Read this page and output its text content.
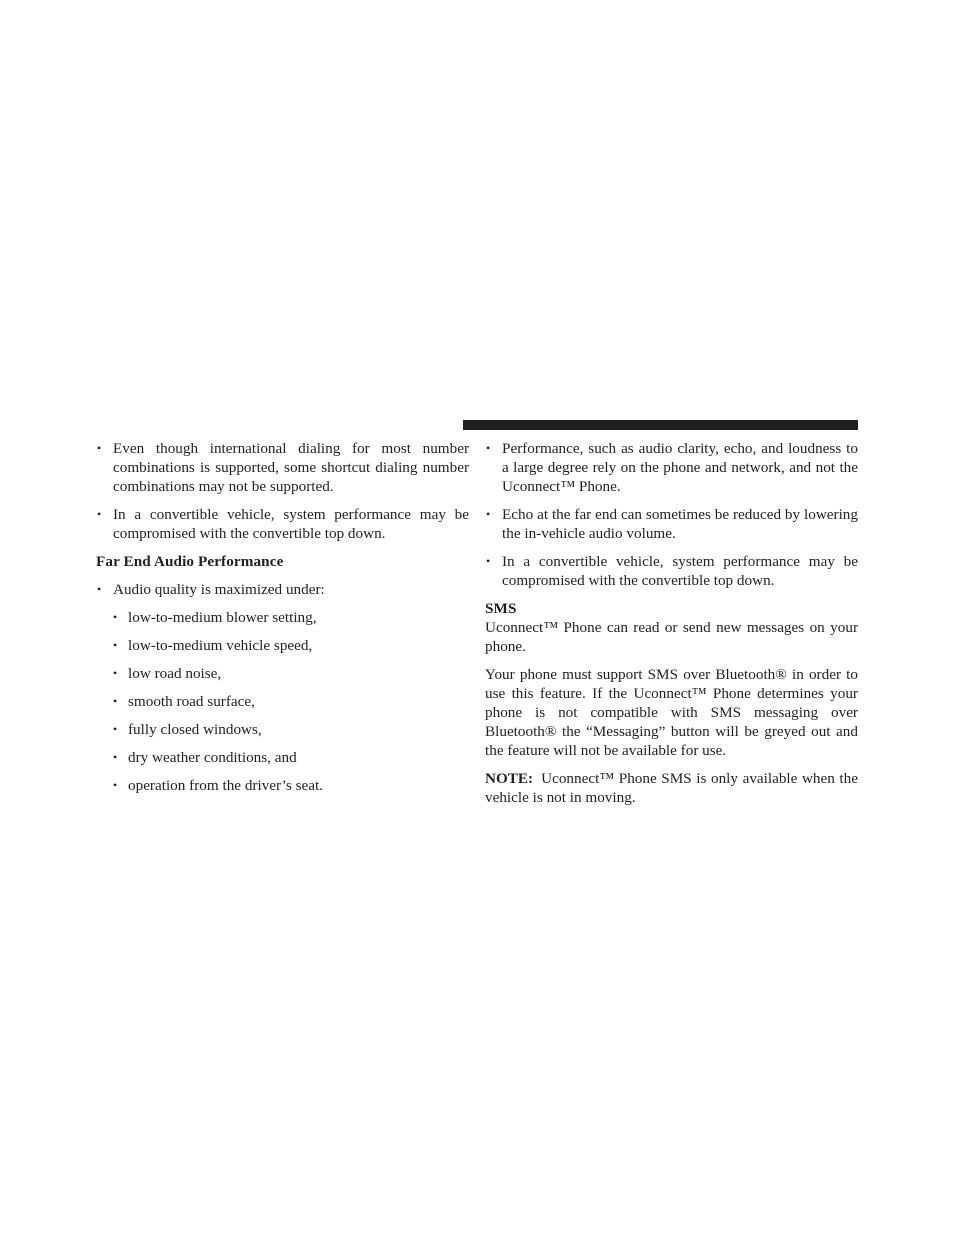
• Even though international dialing for most number combinations is supported, some shortcut dialing number combinations may not be supported.
• In a convertible vehicle, system performance may be compromised with the convertible top down.
Far End Audio Performance
• Audio quality is maximized under:
• low-to-medium blower setting,
• low-to-medium vehicle speed,
• low road noise,
• smooth road surface,
• fully closed windows,
• dry weather conditions, and
• operation from the driver’s seat.
• Performance, such as audio clarity, echo, and loudness to a large degree rely on the phone and network, and not the Uconnect™ Phone.
• Echo at the far end can sometimes be reduced by lowering the in-vehicle audio volume.
• In a convertible vehicle, system performance may be compromised with the convertible top down.
SMS

Uconnect™ Phone can read or send new messages on your phone.

Your phone must support SMS over Bluetooth® in order to use this feature. If the Uconnect™ Phone determines your phone is not compatible with SMS messaging over Bluetooth® the “Messaging” button will be greyed out and the feature will not be available for use.

NOTE: Uconnect™ Phone SMS is only available when the vehicle is not in moving.
